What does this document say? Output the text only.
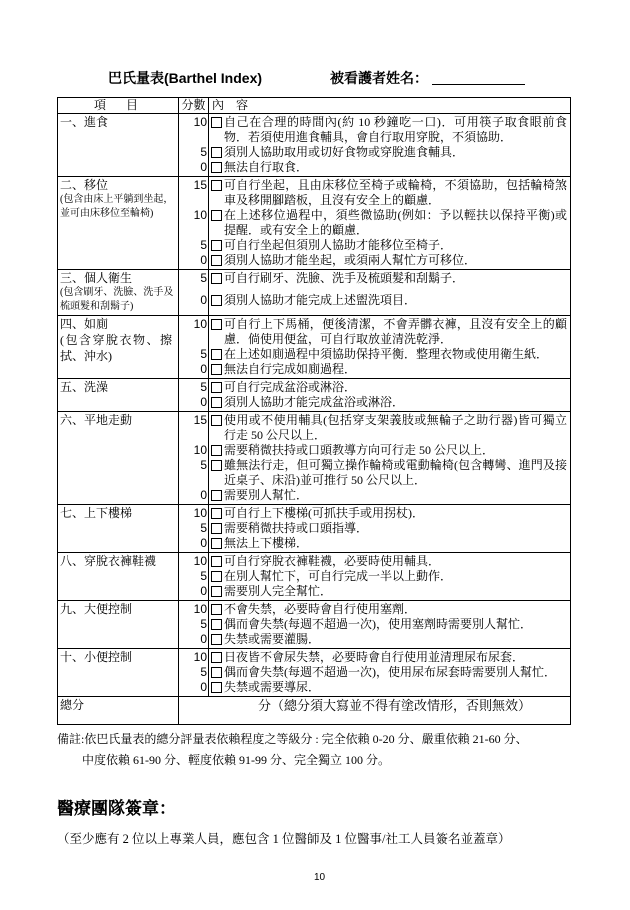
巴氏量表(Barthel Index)	被看護者姓名：
項　目	分數	內　容

一、進食	10	自己在合理的時間內(約 10 秒鐘吃一口)．可用筷子取食眼前食物．若須使用進食輔具，會自行取用穿脫，不須協助．

	5	須別人協助取用或切好食物或穿脫進食輔具．

	0	無法自行取食．

二、移位
(包含由床上平躺到坐起，
並可由床移位至輪椅)	15	可自行坐起，且由床移位至椅子或輪椅，不須協助，包括輪椅煞車及移開腳踏板，且沒有安全上的顧慮．

	10	在上述移位過程中，須些微協助(例如：予以輕扶以保持平衡)或提醒．或有安全上的顧慮．

	5	可自行坐起但須別人協助才能移位至椅子．

	0	須別人協助才能坐起，或須兩人幫忙方可移位．

三、個人衛生
(包含刷牙、洗臉、洗手及
梳頭髮和刮鬍子)	5	可自行刷牙、洗臉、洗手及梳頭髮和刮鬍子．

	0	須別人協助才能完成上述盥洗項目．

四、如廁
(包含穿脫衣物、擦
拭、沖水)	10	可自行上下馬桶，便後清潔，不會弄髒衣褲，且沒有安全上的顧慮．倘使用便盆，可自行取放並清洗乾淨．

	5	在上述如廁過程中須協助保持平衡．整理衣物或使用衛生紙．

	0	無法自行完成如廁過程．

五、洗澡	5	可自行完成盆浴或淋浴．

	0	須別人協助才能完成盆浴或淋浴．

六、平地走動	15	使用或不使用輔具(包括穿支架義肢或無輪子之助行器)皆可獨立行走 50 公尺以上．

	10	需要稍微扶持或口頭教導方向可行走 50 公尺以上．

	5	雖無法行走，但可獨立操作輪椅或電動輪椅(包含轉彎、進門及接近桌子、床沿)並可推行 50 公尺以上．

	0	需要別人幫忙．

七、上下樓梯	10	可自行上下樓梯(可抓扶手或用拐杖)．

	5	需要稍微扶持或口頭指導．

	0	無法上下樓梯．

八、穿脫衣褲鞋襪	10	可自行穿脫衣褲鞋襪，必要時使用輔具．

	5	在別人幫忙下，可自行完成一半以上動作．

	0	需要別人完全幫忙．

九、大便控制	10	不會失禁，必要時會自行使用塞劑．

	5	偶而會失禁(每週不超過一次)，使用塞劑時需要別人幫忙．

	0	失禁或需要灌腸．

十、小便控制	10	日夜皆不會尿失禁，必要時會自行使用並清理尿布尿套．

	5	偶而會失禁(每週不超過一次)，使用尿布尿套時需要別人幫忙．

	0	失禁或需要導尿．

總分	分（總分須大寫並不得有塗改情形，否則無效）	
備註:依巴氏量表的總分評量表依賴程度之等級分 : 完全依賴 0-20 分、嚴重依賴 21-60 分、
中度依賴 61-90 分、輕度依賴 91-99 分、完全獨立 100 分。
醫療團隊簽章：
（至少應有 2 位以上專業人員，應包含 1 位醫師及 1 位醫事/社工人員簽名並蓋章）
10
